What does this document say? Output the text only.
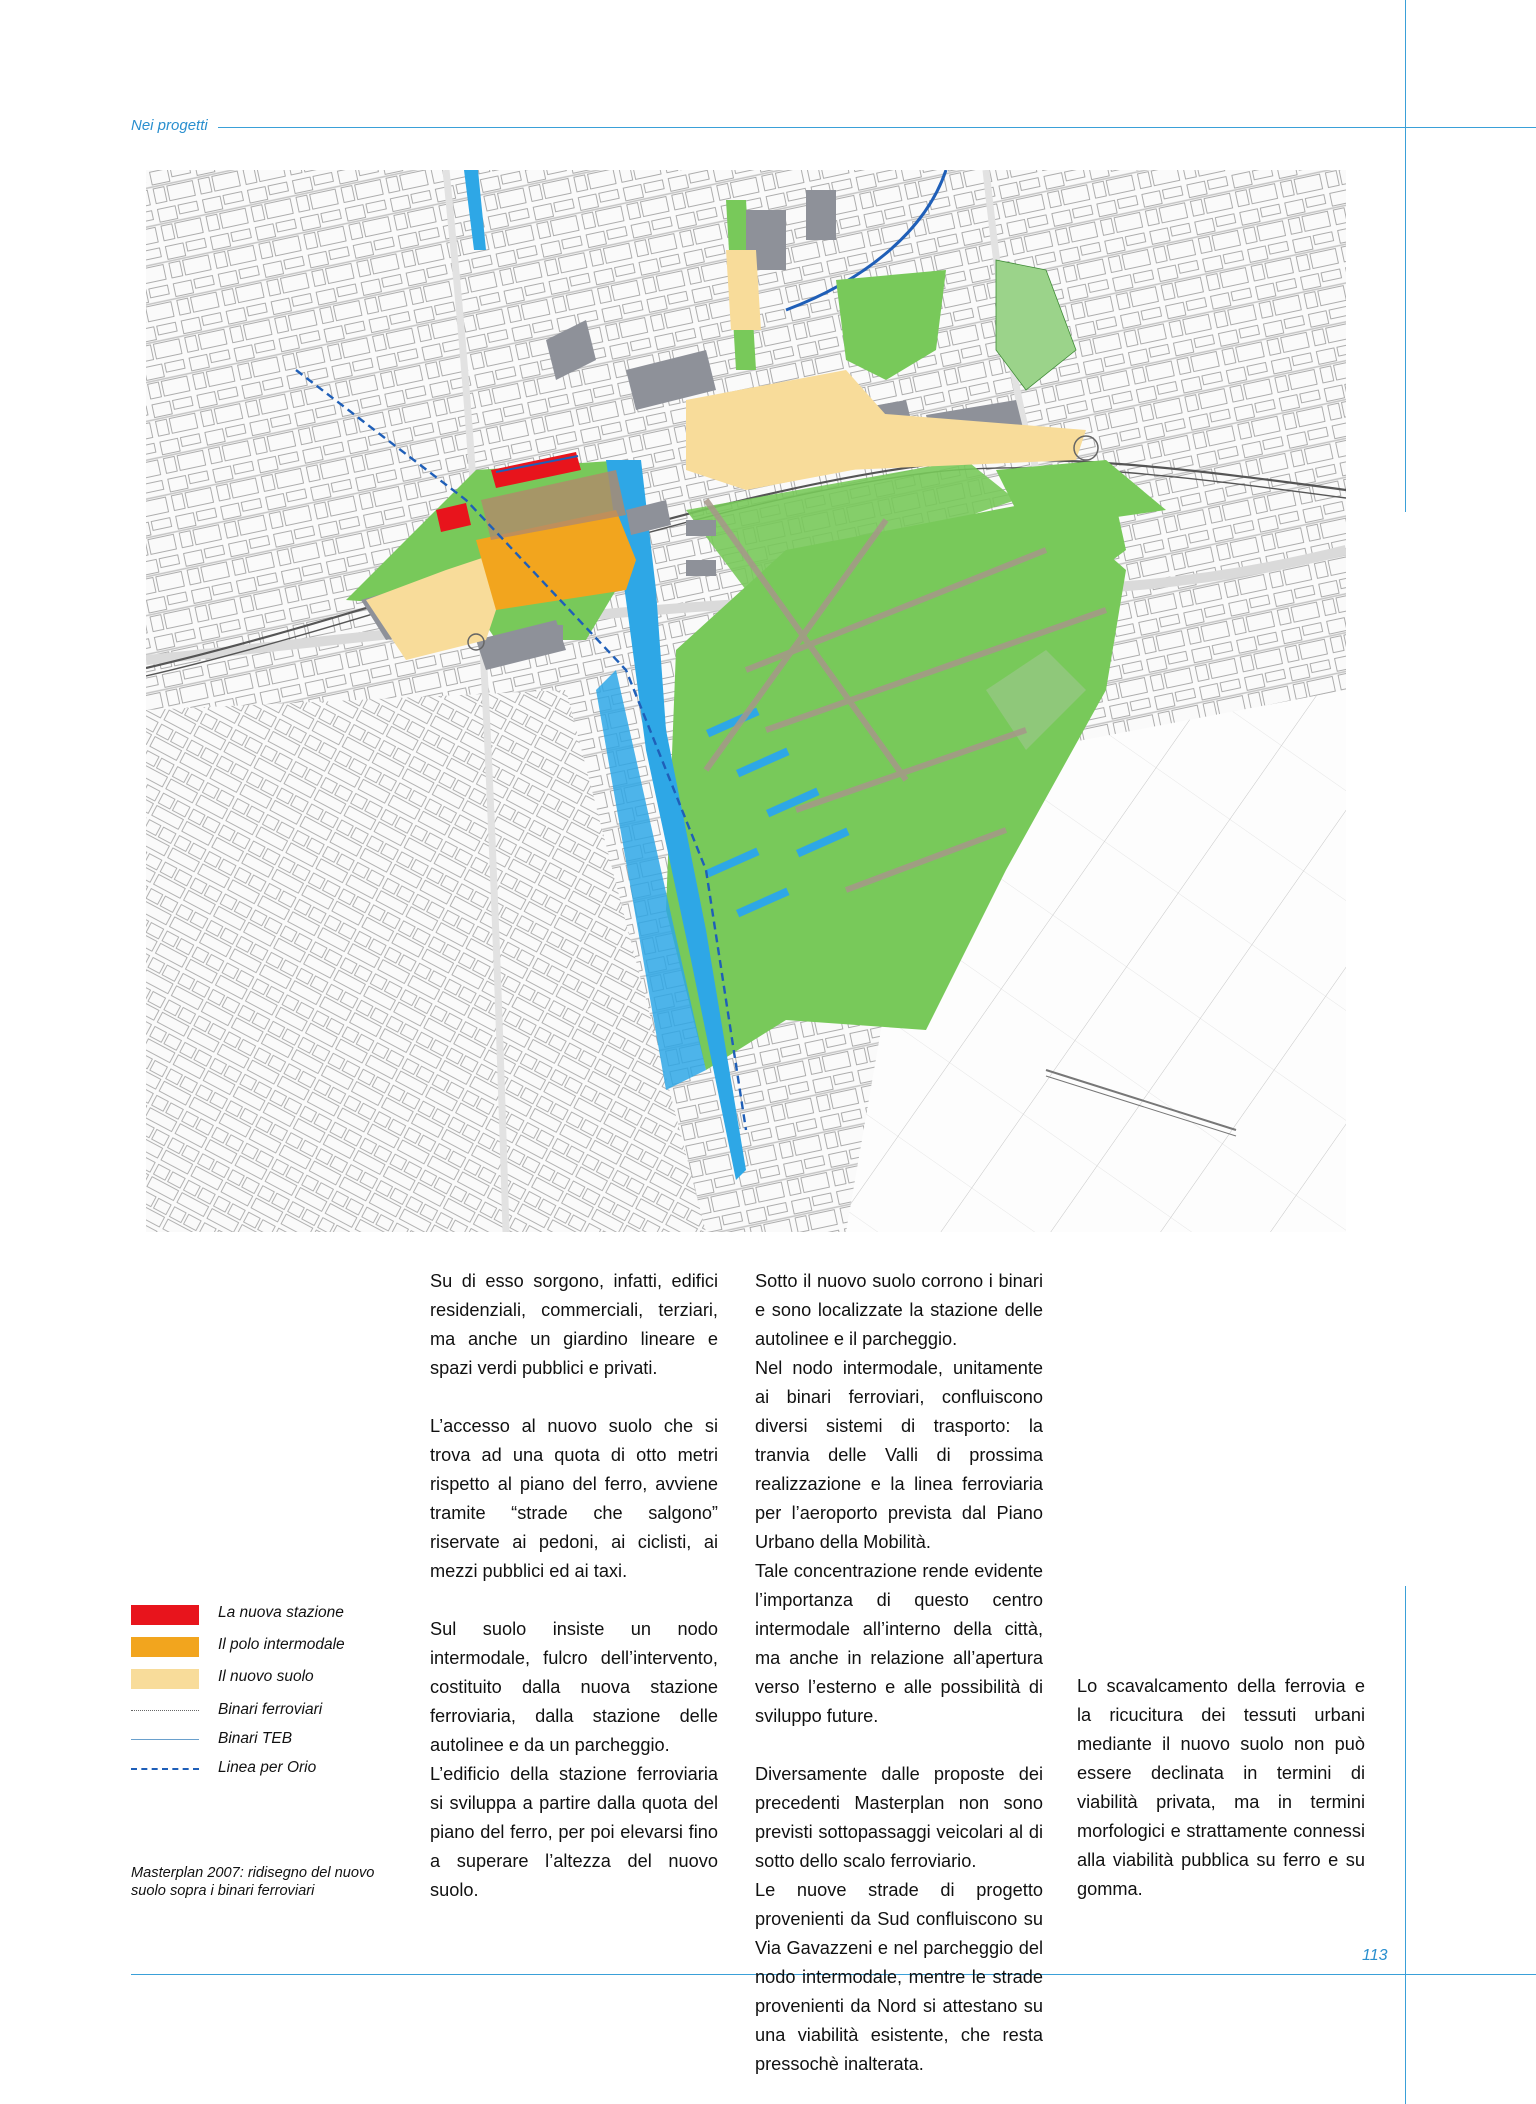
Nei progetti

Su di esso sorgono, infatti, edifici residenziali, commerciali, terziari, ma anche un giardino lineare e spazi verdi pubblici e privati.

L’accesso al nuovo suolo che si trova ad una quota di otto metri rispetto al piano del ferro, avviene tramite “strade che salgono” riservate ai pedoni, ai ciclisti, ai mezzi pubblici ed ai taxi.

Sul suolo insiste un nodo intermodale, fulcro dell’intervento, costituito dalla nuova stazione ferroviaria, dalla stazione delle autolinee e da un parcheggio.

L’edificio della stazione ferroviaria si sviluppa a partire dalla quota del piano del ferro, per poi elevarsi fino a superare l’altezza del nuovo suolo.

Sotto il nuovo suolo corrono i binari e sono localizzate la stazione delle autolinee e il parcheggio.

Nel nodo intermodale, unitamente ai binari ferroviari, confluiscono diversi sistemi di trasporto: la tranvia delle Valli di prossima realizzazione e la linea ferroviaria per l’aeroporto prevista dal Piano Urbano della Mobilità.

Tale concentrazione rende evidente l’importanza di questo centro intermodale all’interno della città, ma anche in relazione all’apertura verso l’esterno e alle possibilità di sviluppo future.

Diversamente dalle proposte dei precedenti Masterplan non sono previsti sottopassaggi veicolari al di sotto dello scalo ferroviario.

Le nuove strade di progetto provenienti da Sud confluiscono su Via Gavazzeni e nel parcheggio del nodo intermodale, mentre le strade provenienti da Nord si attestano su una viabilità esistente, che resta pressochè inalterata.

Lo scavalcamento della ferrovia e la ricucitura dei tessuti urbani mediante il nuovo suolo non può essere declinata in termini di viabilità privata, ma in termini morfologici e strattamente connessi alla viabilità pubblica su ferro e su gomma.

La nuova stazione
Il polo intermodale
Il nuovo suolo
Binari ferroviari
Binari TEB
Linea per Orio
Masterplan 2007: ridisegno del nuovo suolo sopra i binari ferroviari
113
